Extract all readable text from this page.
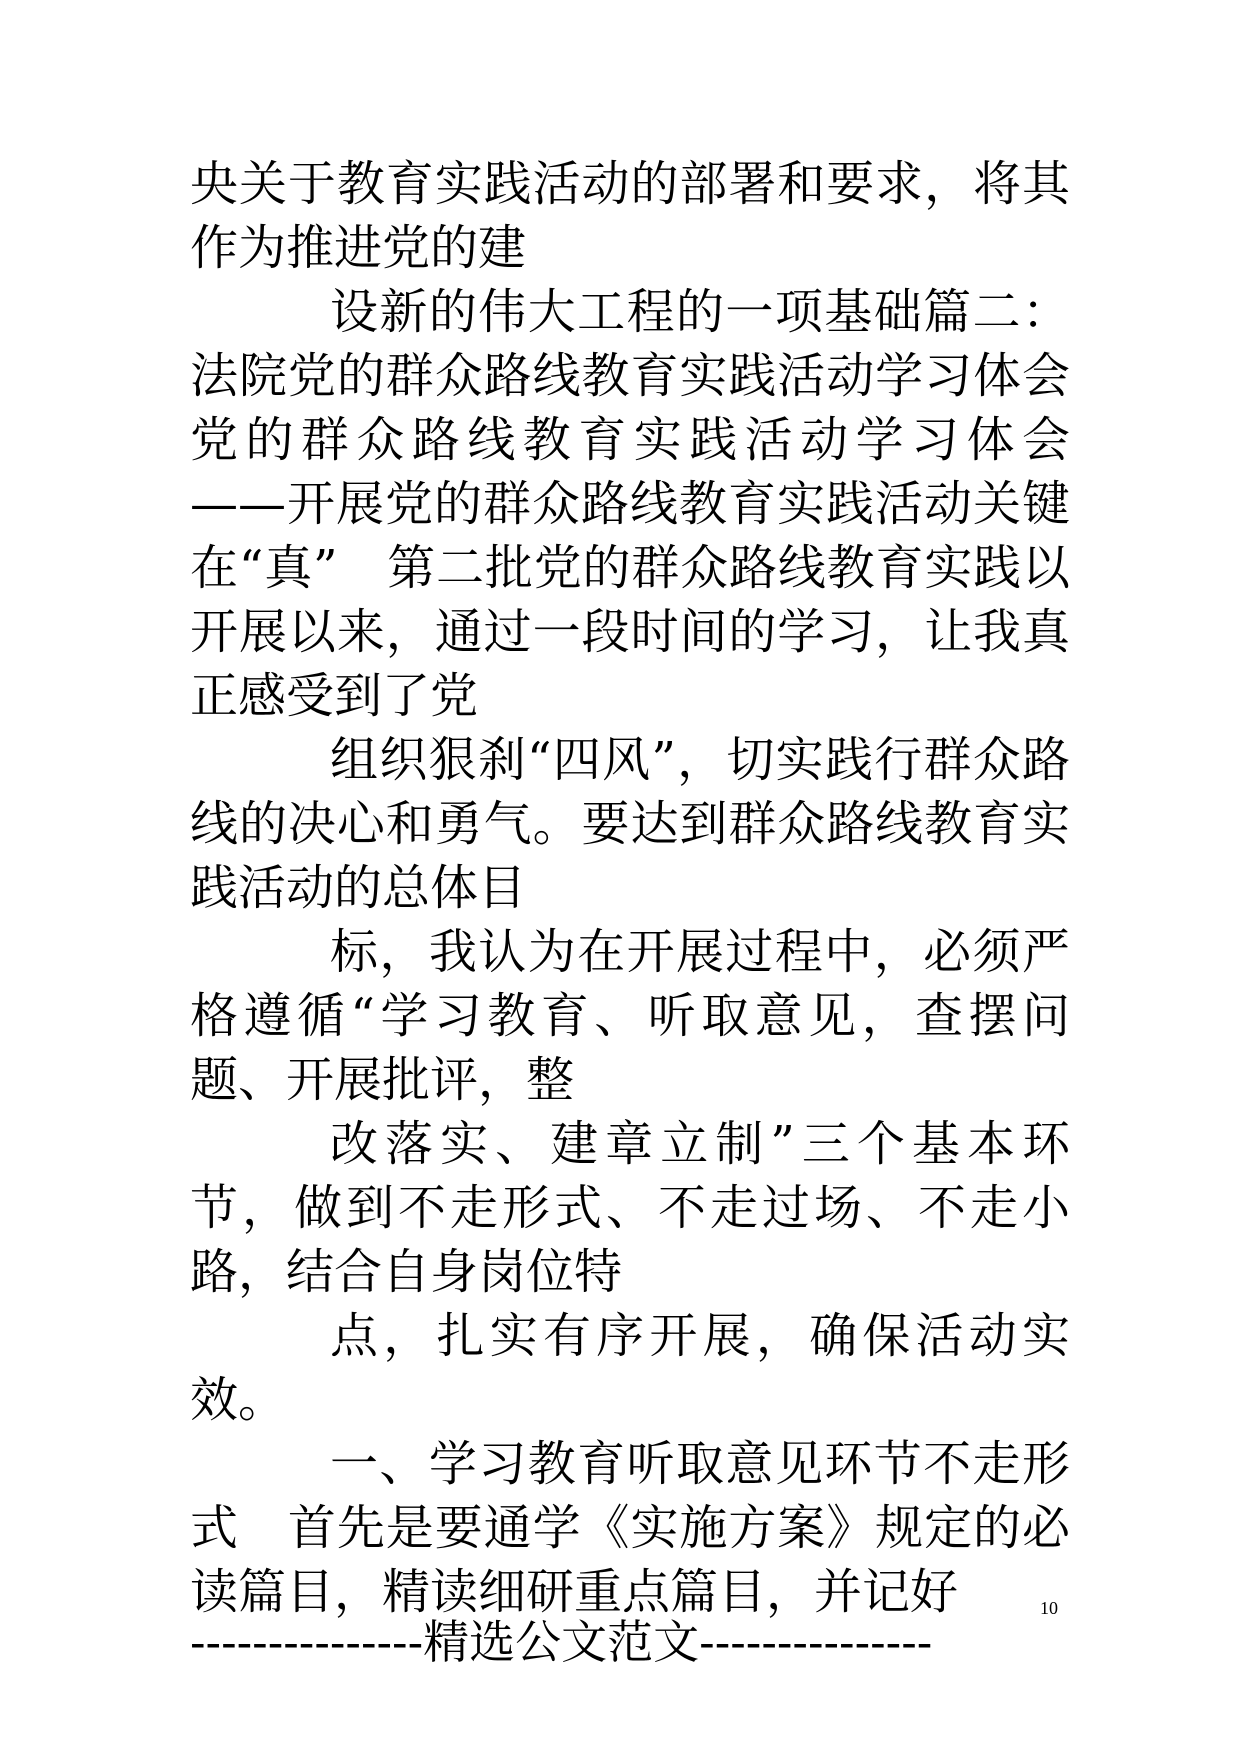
央关于教育实践活动的部署和要求，将其作为推进党的建

设新的伟大工程的一项基础篇二：法院党的群众路线教育实践活动学习体会　党的群众路线教育实践活动学习体会　——开展党的群众路线教育实践活动关键在“真”　第二批党的群众路线教育实践以开展以来，通过一段时间的学习，让我真正感受到了党

组织狠刹“四风”，切实践行群众路线的决心和勇气。要达到群众路线教育实践活动的总体目

标，我认为在开展过程中，必须严格遵循“学习教育、听取意见，查摆问题、开展批评，整

改落实、建章立制”三个基本环节，做到不走形式、不走过场、不走小路，结合自身岗位特

点，扎实有序开展，确保活动实效。

一、学习教育听取意见环节不走形式　首先是要通学《实施方案》规定的必读篇目，精读细研重点篇目，并记好	10
---------------精选公文范文---------------
